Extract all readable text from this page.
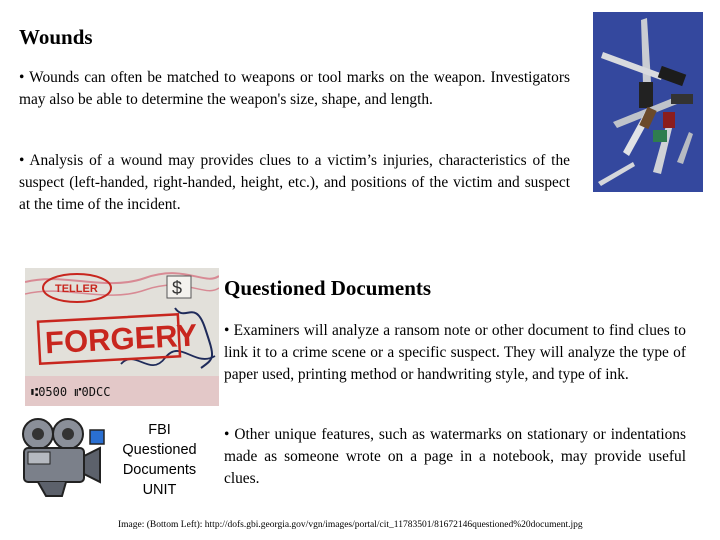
Wounds
• Wounds can often be matched to weapons or tool marks on the weapon. Investigators may also be able to determine the weapon's size, shape, and length.
• Analysis of a wound may provides clues to a victim’s injuries, characteristics of the suspect (left-handed, right-handed, height, etc.), and positions of the victim and suspect at the time of the incident.
TELLER	$
FORGERY
⑆0500 ⑈0DCC
Questioned Documents
• Examiners will analyze a ransom note or other document to find clues to link it to a crime scene or a specific suspect. They will analyze the type of paper used, printing method or handwriting style, and type of ink.
• Other unique features, such as watermarks on stationary or indentations made as someone wrote on a page in a notebook, may provide useful clues.
FBI
Questioned
Documents
UNIT
Image: (Bottom Left): http://dofs.gbi.georgia.gov/vgn/images/portal/cit_11783501/81672146questioned%20document.jpg
